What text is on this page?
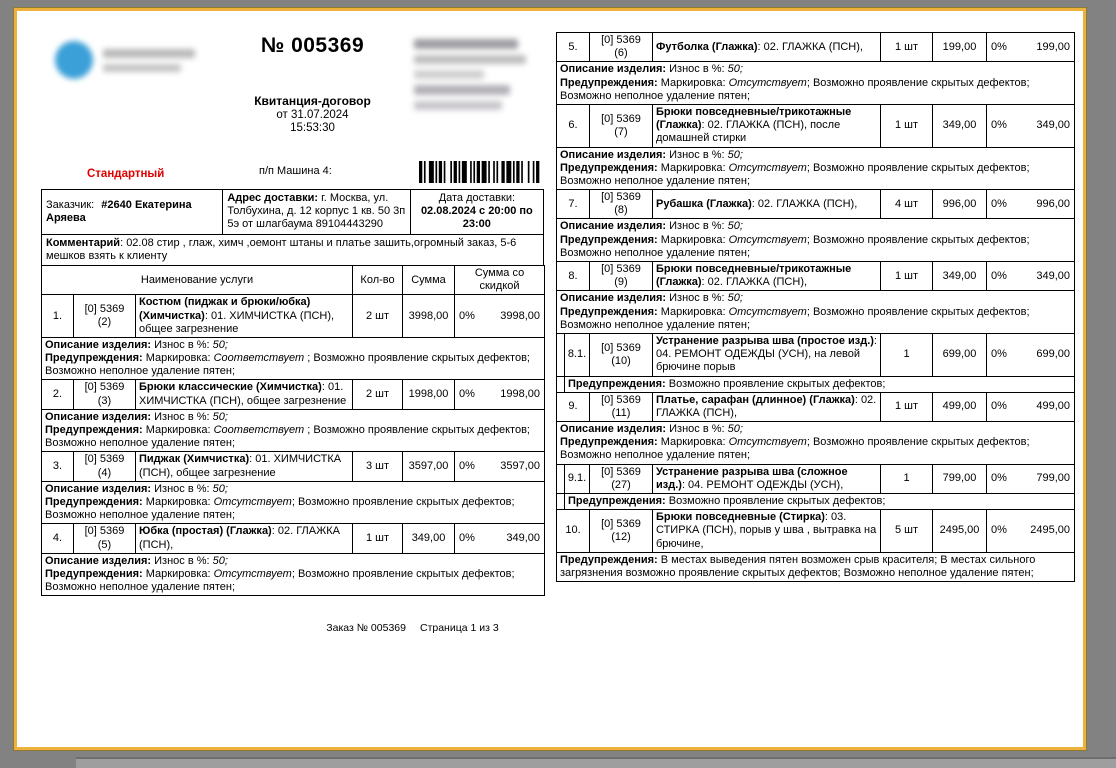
№ 005369
Квитанция-договор
от 31.07.2024
15:53:30
Стандартный	п/п Машина 4:
Заказчик: #2640 Екатерина Аряева	Адрес доставки: г. Москва, ул. Толбухина, д. 12 корпус 1 кв. 50 3п 5э от шлагбаума 89104443290	Дата доставки:
02.08.2024 с 20:00 по 23:00
Комментарий: 02.08 стир , глаж, химч ,оемонт штаны и платье зашить,огромный заказ, 5-6 мешков взять к клиенту
Наименование услуги			Кол-во	Сумма	Сумма со скидкой
1.	[0] 5369
(2)	Костюм (пиджак и брюки/юбка) (Химчистка): 01. ХИМЧИСТКА (ПСН), общее загрезнение	2 шт	3998,00	0% 3998,00

Описание изделия: Износ в %: 50;
Предупреждения: Маркировка: Соответствует ; Возможно проявление скрытых дефектов; Возможно неполное удаление пятен;					
2.	[0] 5369
(3)	Брюки классические (Химчистка): 01. ХИМЧИСТКА (ПСН), общее загрезнение	2 шт	1998,00	0% 1998,00

Описание изделия: Износ в %: 50;
Предупреждения: Маркировка: Соответствует ; Возможно проявление скрытых дефектов; Возможно неполное удаление пятен;					
3.	[0] 5369
(4)	Пиджак (Химчистка): 01. ХИМЧИСТКА (ПСН), общее загрезнение	3 шт	3597,00	0% 3597,00

Описание изделия: Износ в %: 50;
Предупреждения: Маркировка: Отсутствует; Возможно проявление скрытых дефектов; Возможно неполное удаление пятен;					
4.	[0] 5369
(5)	Юбка (простая) (Глажка): 02. ГЛАЖКА (ПСН),	1 шт	349,00	0% 349,00

Описание изделия: Износ в %: 50;
Предупреждения: Маркировка: Отсутствует; Возможно проявление скрытых дефектов; Возможно неполное удаление пятен;					
Заказ № 005369 Страница 1 из 3
5.		[0] 5369
(6)	Футболка (Глажка): 02. ГЛАЖКА (ПСН),	1 шт	199,00	0% 199,00

Описание изделия: Износ в %: 50;
Предупреждения: Маркировка: Отсутствует; Возможно проявление скрытых дефектов; Возможно неполное удаление пятен;						
6.		[0] 5369
(7)	Брюки повседневные/трикотажные (Глажка): 02. ГЛАЖКА (ПСН), после домашней стирки	1 шт	349,00	0% 349,00

Описание изделия: Износ в %: 50;
Предупреждения: Маркировка: Отсутствует; Возможно проявление скрытых дефектов; Возможно неполное удаление пятен;						
7.		[0] 5369
(8)	Рубашка (Глажка): 02. ГЛАЖКА (ПСН),	4 шт	996,00	0% 996,00

Описание изделия: Износ в %: 50;
Предупреждения: Маркировка: Отсутствует; Возможно проявление скрытых дефектов; Возможно неполное удаление пятен;						
8.		[0] 5369
(9)	Брюки повседневные/трикотажные (Глажка): 02. ГЛАЖКА (ПСН),	1 шт	349,00	0% 349,00

Описание изделия: Износ в %: 50;
Предупреждения: Маркировка: Отсутствует; Возможно проявление скрытых дефектов; Возможно неполное удаление пятен;						
	8.1.	[0] 5369
(10)	Устранение разрыва шва (простое изд.): 04. РЕМОНТ ОДЕЖДЫ (УСН), на левой брючине порыв	1	699,00	0% 699,00

	Предупреждения: Возможно проявление скрытых дефектов;					
9.		[0] 5369
(11)	Платье, сарафан (длинное) (Глажка): 02. ГЛАЖКА (ПСН),	1 шт	499,00	0% 499,00

Описание изделия: Износ в %: 50;
Предупреждения: Маркировка: Отсутствует; Возможно проявление скрытых дефектов; Возможно неполное удаление пятен;						
	9.1.	[0] 5369
(27)	Устранение разрыва шва (сложное изд.): 04. РЕМОНТ ОДЕЖДЫ (УСН),	1	799,00	0% 799,00

	Предупреждения: Возможно проявление скрытых дефектов;					
10.		[0] 5369
(12)	Брюки повседневные (Стирка): 03. СТИРКА (ПСН), порыв у шва , вытравка на брючине,	5 шт	2495,00	0% 2495,00

Предупреждения: В местах выведения пятен возможен срыв красителя; В местах сильного загрязнения возможно проявление скрытых дефектов; Возможно неполное удаление пятен;						
